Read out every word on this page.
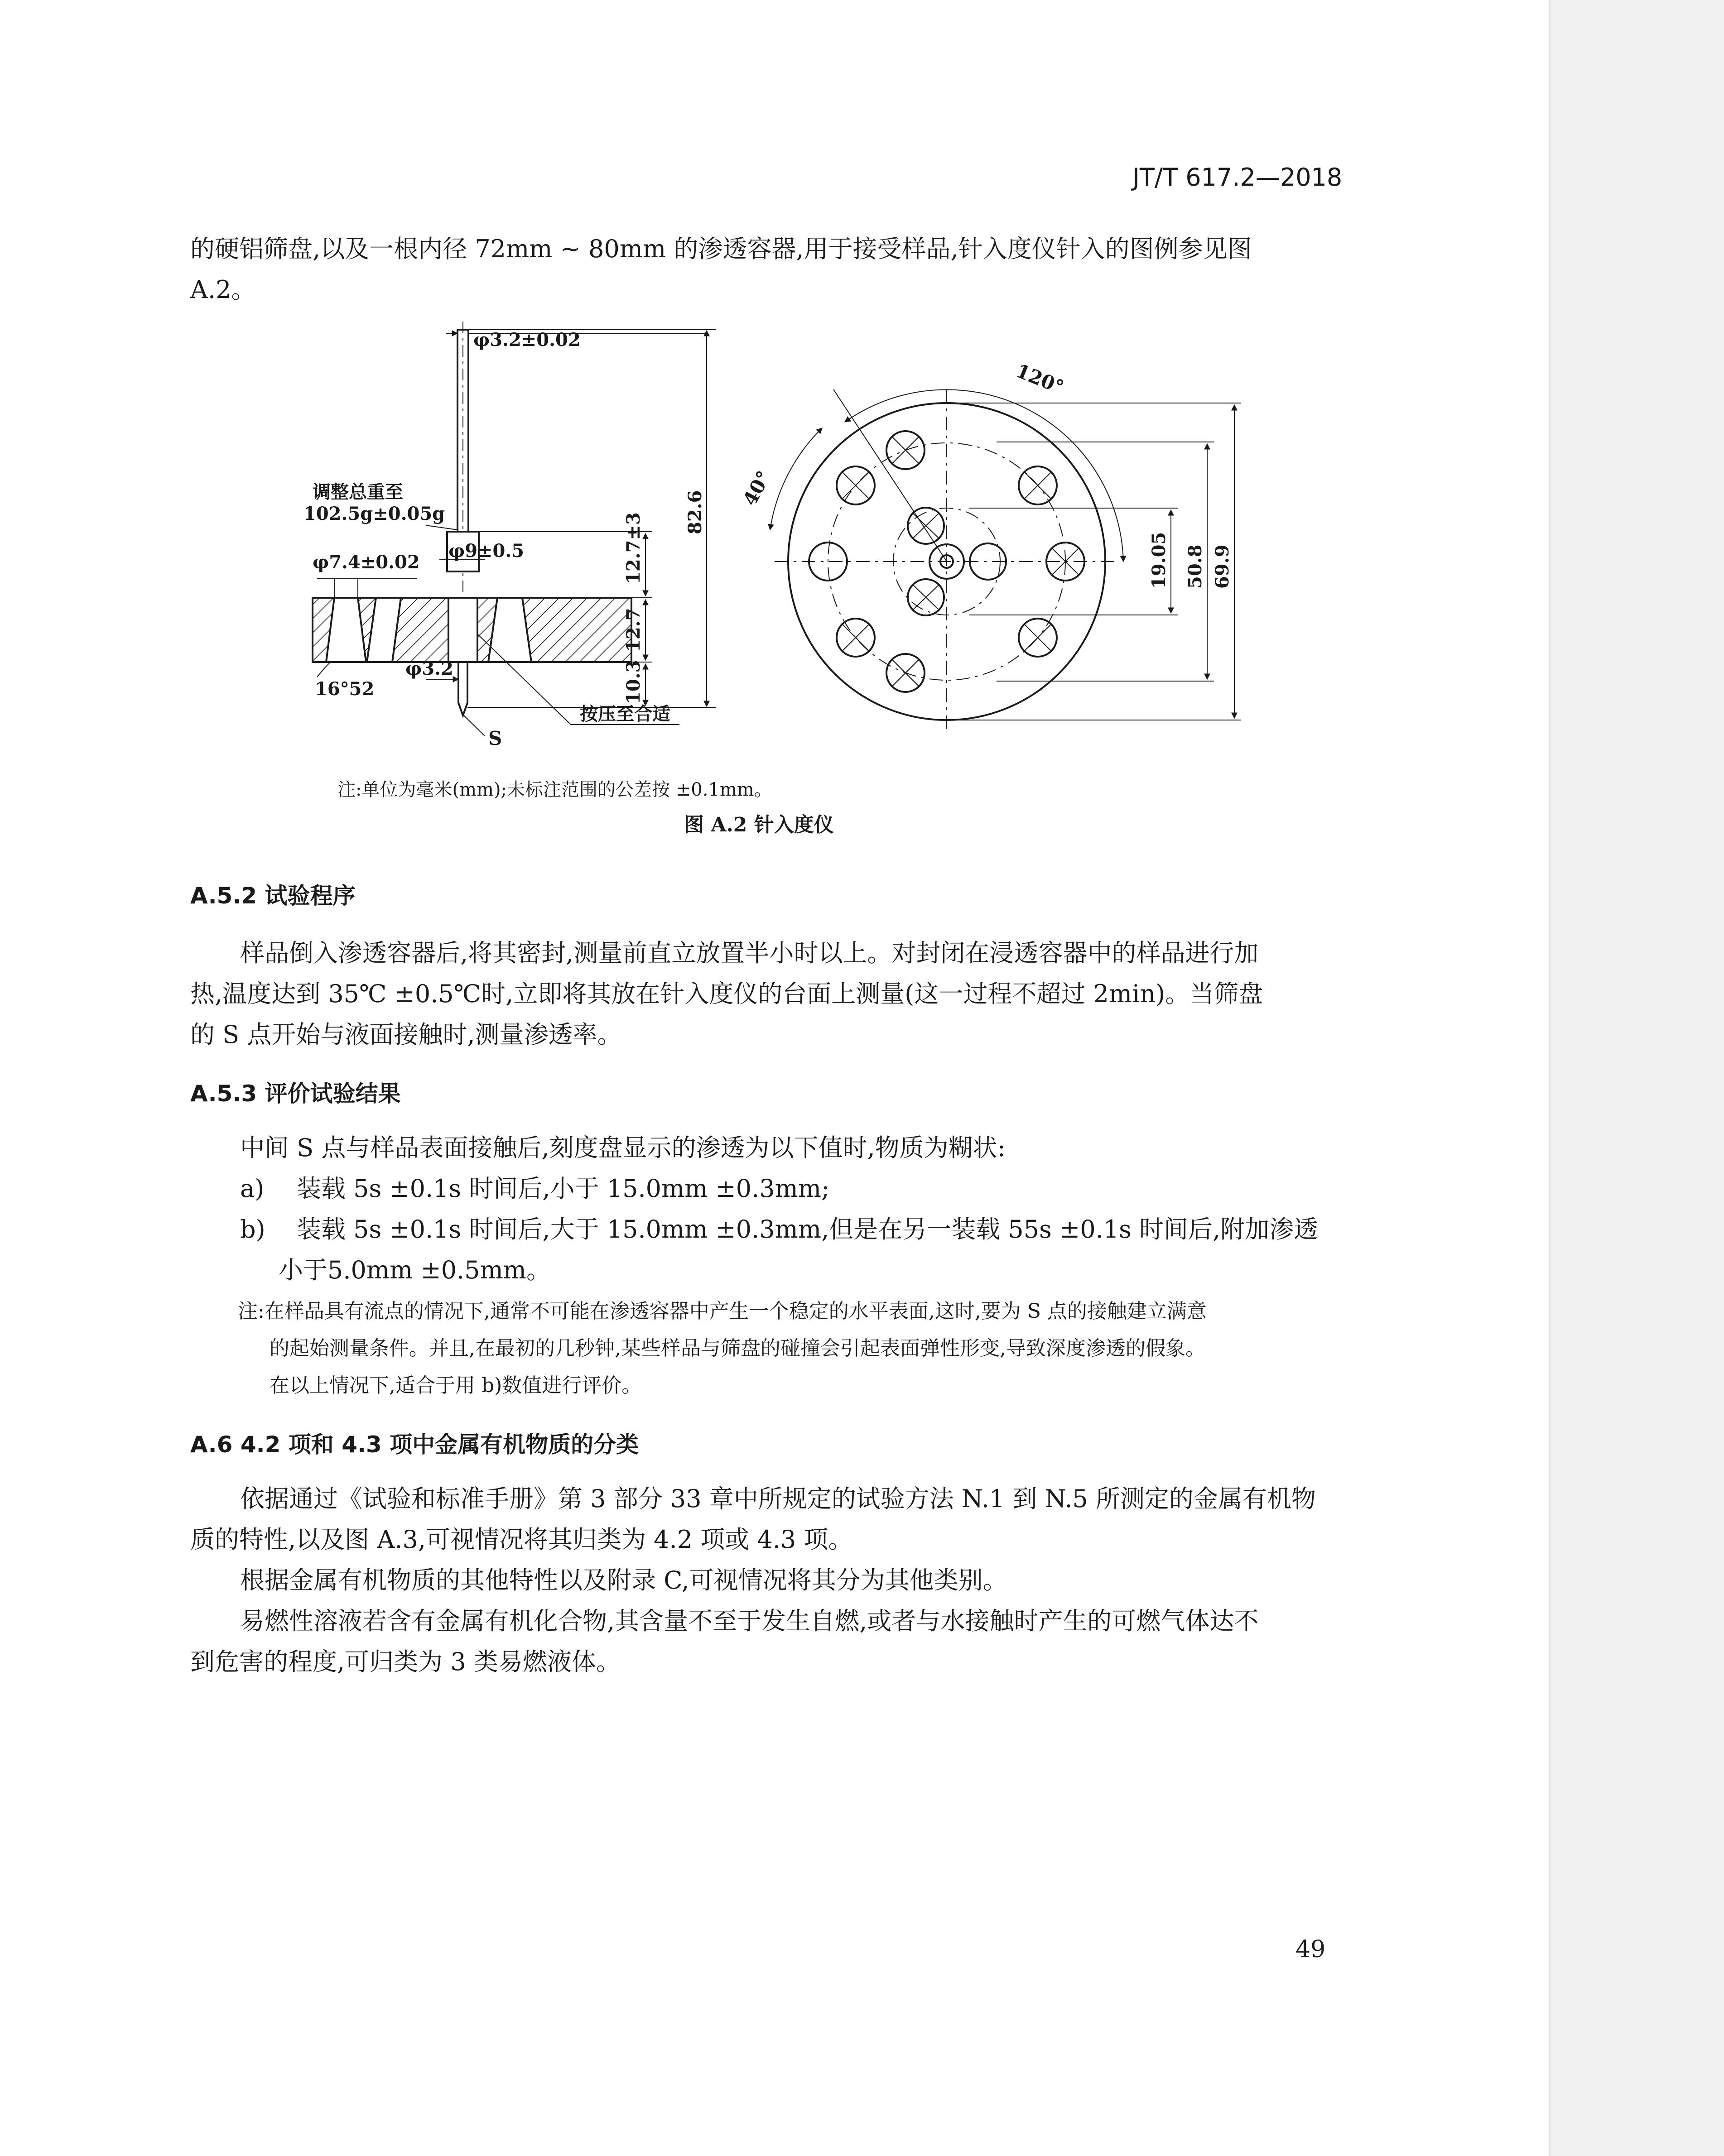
JT/T 617.2—2018

的硬铝筛盘,以及一根内径 72mm ~ 80mm 的渗透容器,用于接受样品,针入度仪针入的图例参见图

A.2。

φ3.2±0.02
调整总重至
102.5g±0.05g
φ7.4±0.02
φ9±0.5
16°52
φ3.2
S
按压至合适
12.7±3
12.7
10.3
82.6
120°
40°
19.05 50.8 69.9

注:单位为毫米(mm);未标注范围的公差按 ±0.1mm。

图 A.2 针入度仪

A.5.2 试验程序

样品倒入渗透容器后,将其密封,测量前直立放置半小时以上。对封闭在浸透容器中的样品进行加

热,温度达到 35℃ ±0.5℃时,立即将其放在针入度仪的台面上测量(这一过程不超过 2min)。当筛盘

的 S 点开始与液面接触时,测量渗透率。

A.5.3 评价试验结果

中间 S 点与样品表面接触后,刻度盘显示的渗透为以下值时,物质为糊状:

a) 装载 5s ±0.1s 时间后,小于 15.0mm ±0.3mm;

b) 装载 5s ±0.1s 时间后,大于 15.0mm ±0.3mm,但是在另一装载 55s ±0.1s 时间后,附加渗透

小于5.0mm ±0.5mm。

注:在样品具有流点的情况下,通常不可能在渗透容器中产生一个稳定的水平表面,这时,要为 S 点的接触建立满意

的起始测量条件。并且,在最初的几秒钟,某些样品与筛盘的碰撞会引起表面弹性形变,导致深度渗透的假象。

在以上情况下,适合于用 b)数值进行评价。

A.6 4.2 项和 4.3 项中金属有机物质的分类

依据通过《试验和标准手册》第 3 部分 33 章中所规定的试验方法 N.1 到 N.5 所测定的金属有机物

质的特性,以及图 A.3,可视情况将其归类为 4.2 项或 4.3 项。

根据金属有机物质的其他特性以及附录 C,可视情况将其分为其他类别。

易燃性溶液若含有金属有机化合物,其含量不至于发生自燃,或者与水接触时产生的可燃气体达不

到危害的程度,可归类为 3 类易燃液体。

49
